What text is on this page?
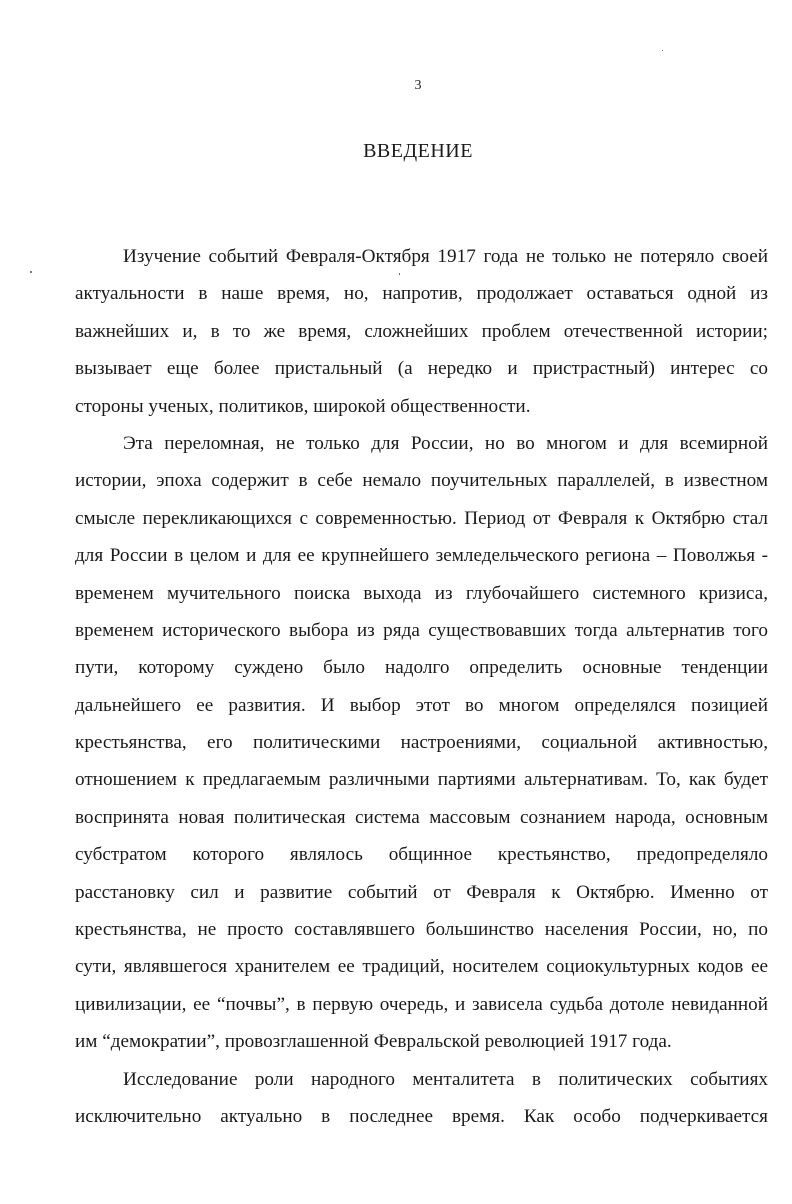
3
ВВЕДЕНИЕ
Изучение событий Февраля-Октября 1917 года не только не потеряло своей
актуальности в наше время, но, напротив, продолжает оставаться одной из
важнейших и, в то же время, сложнейших проблем отечественной истории;
вызывает еще более пристальный (а нередко и пристрастный) интерес со
стороны ученых, политиков, широкой общественности.
Эта переломная, не только для России, но во многом и для всемирной
истории, эпоха содержит в себе немало поучительных параллелей, в известном
смысле перекликающихся с современностью. Период от Февраля к Октябрю стал
для России в целом и для ее крупнейшего земледельческого региона – Поволжья -
временем мучительного поиска выхода из глубочайшего системного кризиса,
временем исторического выбора из ряда существовавших тогда альтернатив того
пути, которому суждено было надолго определить основные тенденции
дальнейшего ее развития. И выбор этот во многом определялся позицией
крестьянства, его политическими настроениями, социальной активностью,
отношением к предлагаемым различными партиями альтернативам. То, как будет
воспринята новая политическая система массовым сознанием народа, основным
субстратом которого являлось общинное крестьянство, предопределяло
расстановку сил и развитие событий от Февраля к Октябрю. Именно от
крестьянства, не просто составлявшего большинство населения России, но, по
сути, являвшегося хранителем ее традиций, носителем социокультурных кодов ее
цивилизации, ее “почвы”, в первую очередь, и зависела судьба дотоле невиданной
им “демократии”, провозглашенной Февральской революцией 1917 года.
Исследование роли народного менталитета в политических событиях
исключительно актуально в последнее время. Как особо подчеркивается
